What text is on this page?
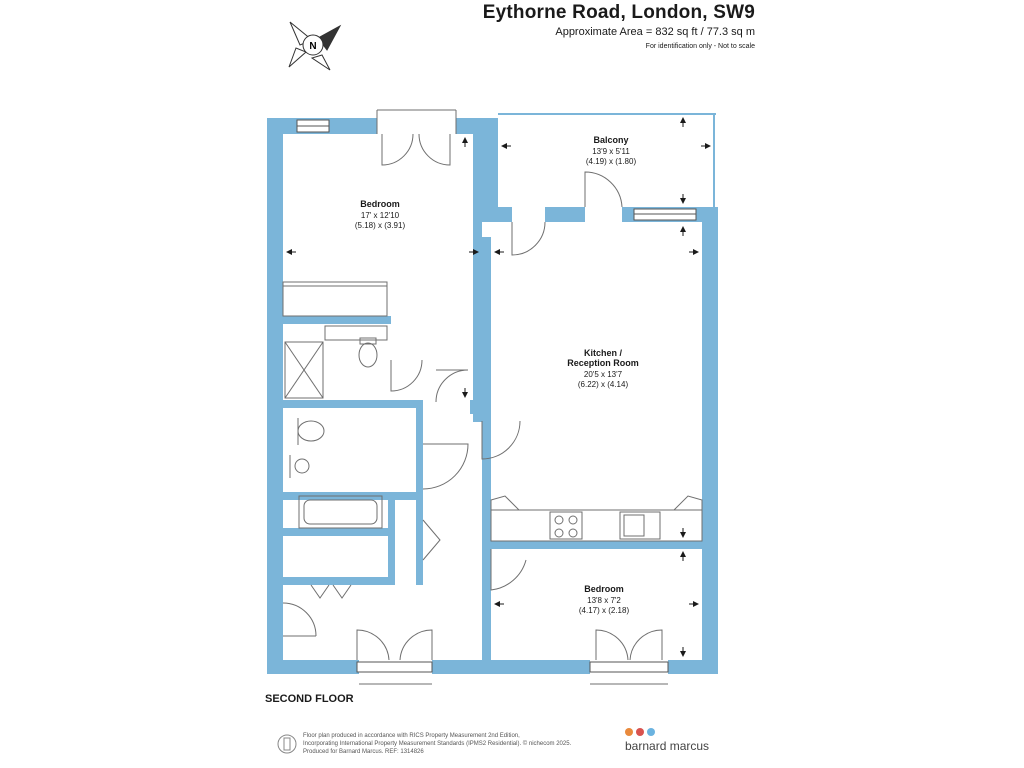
Eythorne Road, London, SW9
Approximate Area = 832 sq ft / 77.3 sq m
For identification only - Not to scale
N
Bedroom
17' x 12'10
(5.18) x (3.91)
Balcony
13'9 x 5'11
(4.19) x (1.80)
Kitchen /
Reception Room
20'5 x 13'7
(6.22) x (4.14)
Bedroom
13'8 x 7'2
(4.17) x (2.18)
SECOND FLOOR
Floor plan produced in accordance with RICS Property Measurement 2nd Edition,
Incorporating International Property Measurement Standards (IPMS2 Residential). © nichecom 2025.
Produced for Barnard Marcus. REF: 1314826	barnard marcus
